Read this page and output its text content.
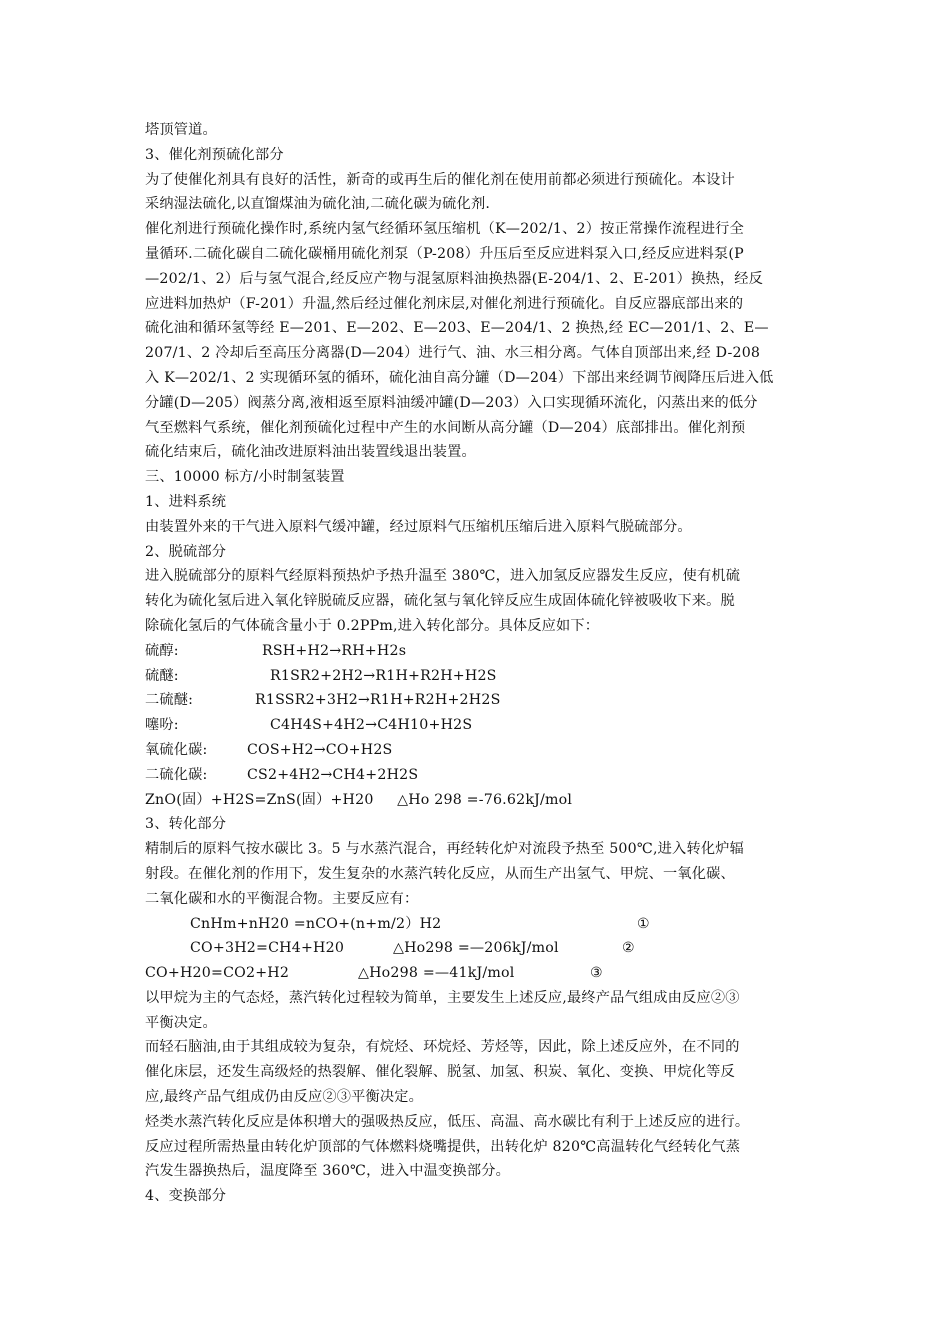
塔顶管道。
3、催化剂预硫化部分
为了使催化剂具有良好的活性，新奇的或再生后的催化剂在使用前都必须进行预硫化。本设计
采纳湿法硫化,以直馏煤油为硫化油,二硫化碳为硫化剂.
催化剂进行预硫化操作时,系统内氢气经循环氢压缩机（K—202/1、2）按正常操作流程进行全
量循环.二硫化碳自二硫化碳桶用硫化剂泵（P-208）升压后至反应进料泵入口,经反应进料泵(P
—202/1、2）后与氢气混合,经反应产物与混氢原料油换热器(E-204/1、2、E-201）换热，经反
应进料加热炉（F-201）升温,然后经过催化剂床层,对催化剂进行预硫化。自反应器底部出来的
硫化油和循环氢等经 E—201、E—202、E—203、E—204/1、2 换热,经 EC—201/1、2、E—
207/1、2 冷却后至高压分离器(D—204）进行气、油、水三相分离。气体自顶部出来,经 D-208
入 K—202/1、2 实现循环氢的循环，硫化油自高分罐（D—204）下部出来经调节阀降压后进入低
分罐(D—205）阀蒸分离,液相返至原料油缓冲罐(D—203）入口实现循环流化，闪蒸出来的低分
气至燃料气系统，催化剂预硫化过程中产生的水间断从高分罐（D—204）底部排出。催化剂预
硫化结束后，硫化油改进原料油出装置线退出装置。
三、10000 标方/小时制氢装置
1、进料系统
由装置外来的干气进入原料气缓冲罐，经过原料气压缩机压缩后进入原料气脱硫部分。
2、脱硫部分
进入脱硫部分的原料气经原料预热炉予热升温至 380℃，进入加氢反应器发生反应，使有机硫
转化为硫化氢后进入氧化锌脱硫反应器，硫化氢与氧化锌反应生成固体硫化锌被吸收下来。脱
除硫化氢后的气体硫含量小于 0.2PPm,进入转化部分。具体反应如下：
硫醇:	RSH+H2→RH+H2s
硫醚:	R1SR2+2H2→R1H+R2H+H2S
二硫醚:	R1SSR2+3H2→R1H+R2H+2H2S
噻吩:	C4H4S+4H2→C4H10+H2S
氧硫化碳:	COS+H2→CO+H2S
二硫化碳:	CS2+4H2→CH4+2H2S
ZnO(固）+H2S=ZnS(固）+H20     △Ho 298 =-76.62kJ/mol
3、转化部分
精制后的原料气按水碳比 3。5 与水蒸汽混合，再经转化炉对流段予热至 500℃,进入转化炉辐
射段。在催化剂的作用下，发生复杂的水蒸汽转化反应，从而生产出氢气、甲烷、一氧化碳、
二氧化碳和水的平衡混合物。主要反应有：
CnHm+nH20 =nCO+(n+m/2）H2	①
CO+3H2=CH4+H20	△Ho298 =—206kJ/mol	②
CO+H20=CO2+H2	△Ho298 =—41kJ/mol	③
以甲烷为主的气态烃，蒸汽转化过程较为简单，主要发生上述反应,最终产品气组成由反应②③
平衡决定。
而轻石脑油,由于其组成较为复杂，有烷烃、环烷烃、芳烃等，因此，除上述反应外，在不同的
催化床层，还发生高级烃的热裂解、催化裂解、脱氢、加氢、积炭、氧化、变换、甲烷化等反
应,最终产品气组成仍由反应②③平衡决定。
烃类水蒸汽转化反应是体积增大的强吸热反应，低压、高温、高水碳比有利于上述反应的进行。
反应过程所需热量由转化炉顶部的气体燃料烧嘴提供，出转化炉 820℃高温转化气经转化气蒸
汽发生器换热后，温度降至 360℃，进入中温变换部分。
4、变换部分
